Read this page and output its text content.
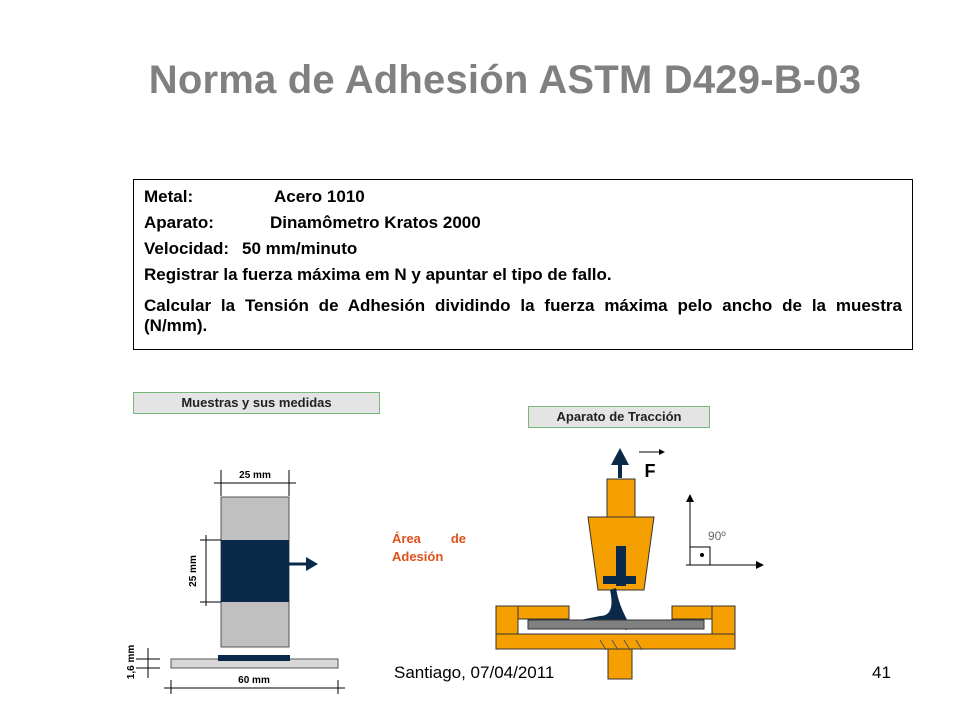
Norma de Adhesión ASTM D429-B-03
Metal:	Acero 1010
Aparato:	Dinamômetro Kratos 2000
Velocidad: 50 mm/minuto
Registrar la fuerza máxima em N y apuntar el tipo de fallo.
Calcular la Tensión de Adhesión dividindo la fuerza máxima pelo ancho de la muestra (N/mm).
Muestras y sus medidas
Aparato de Tracción
Área de Adesión
25 mm
25 mm
1,6 mm
60 mm
F
90º
Santiago, 07/04/2011	41
